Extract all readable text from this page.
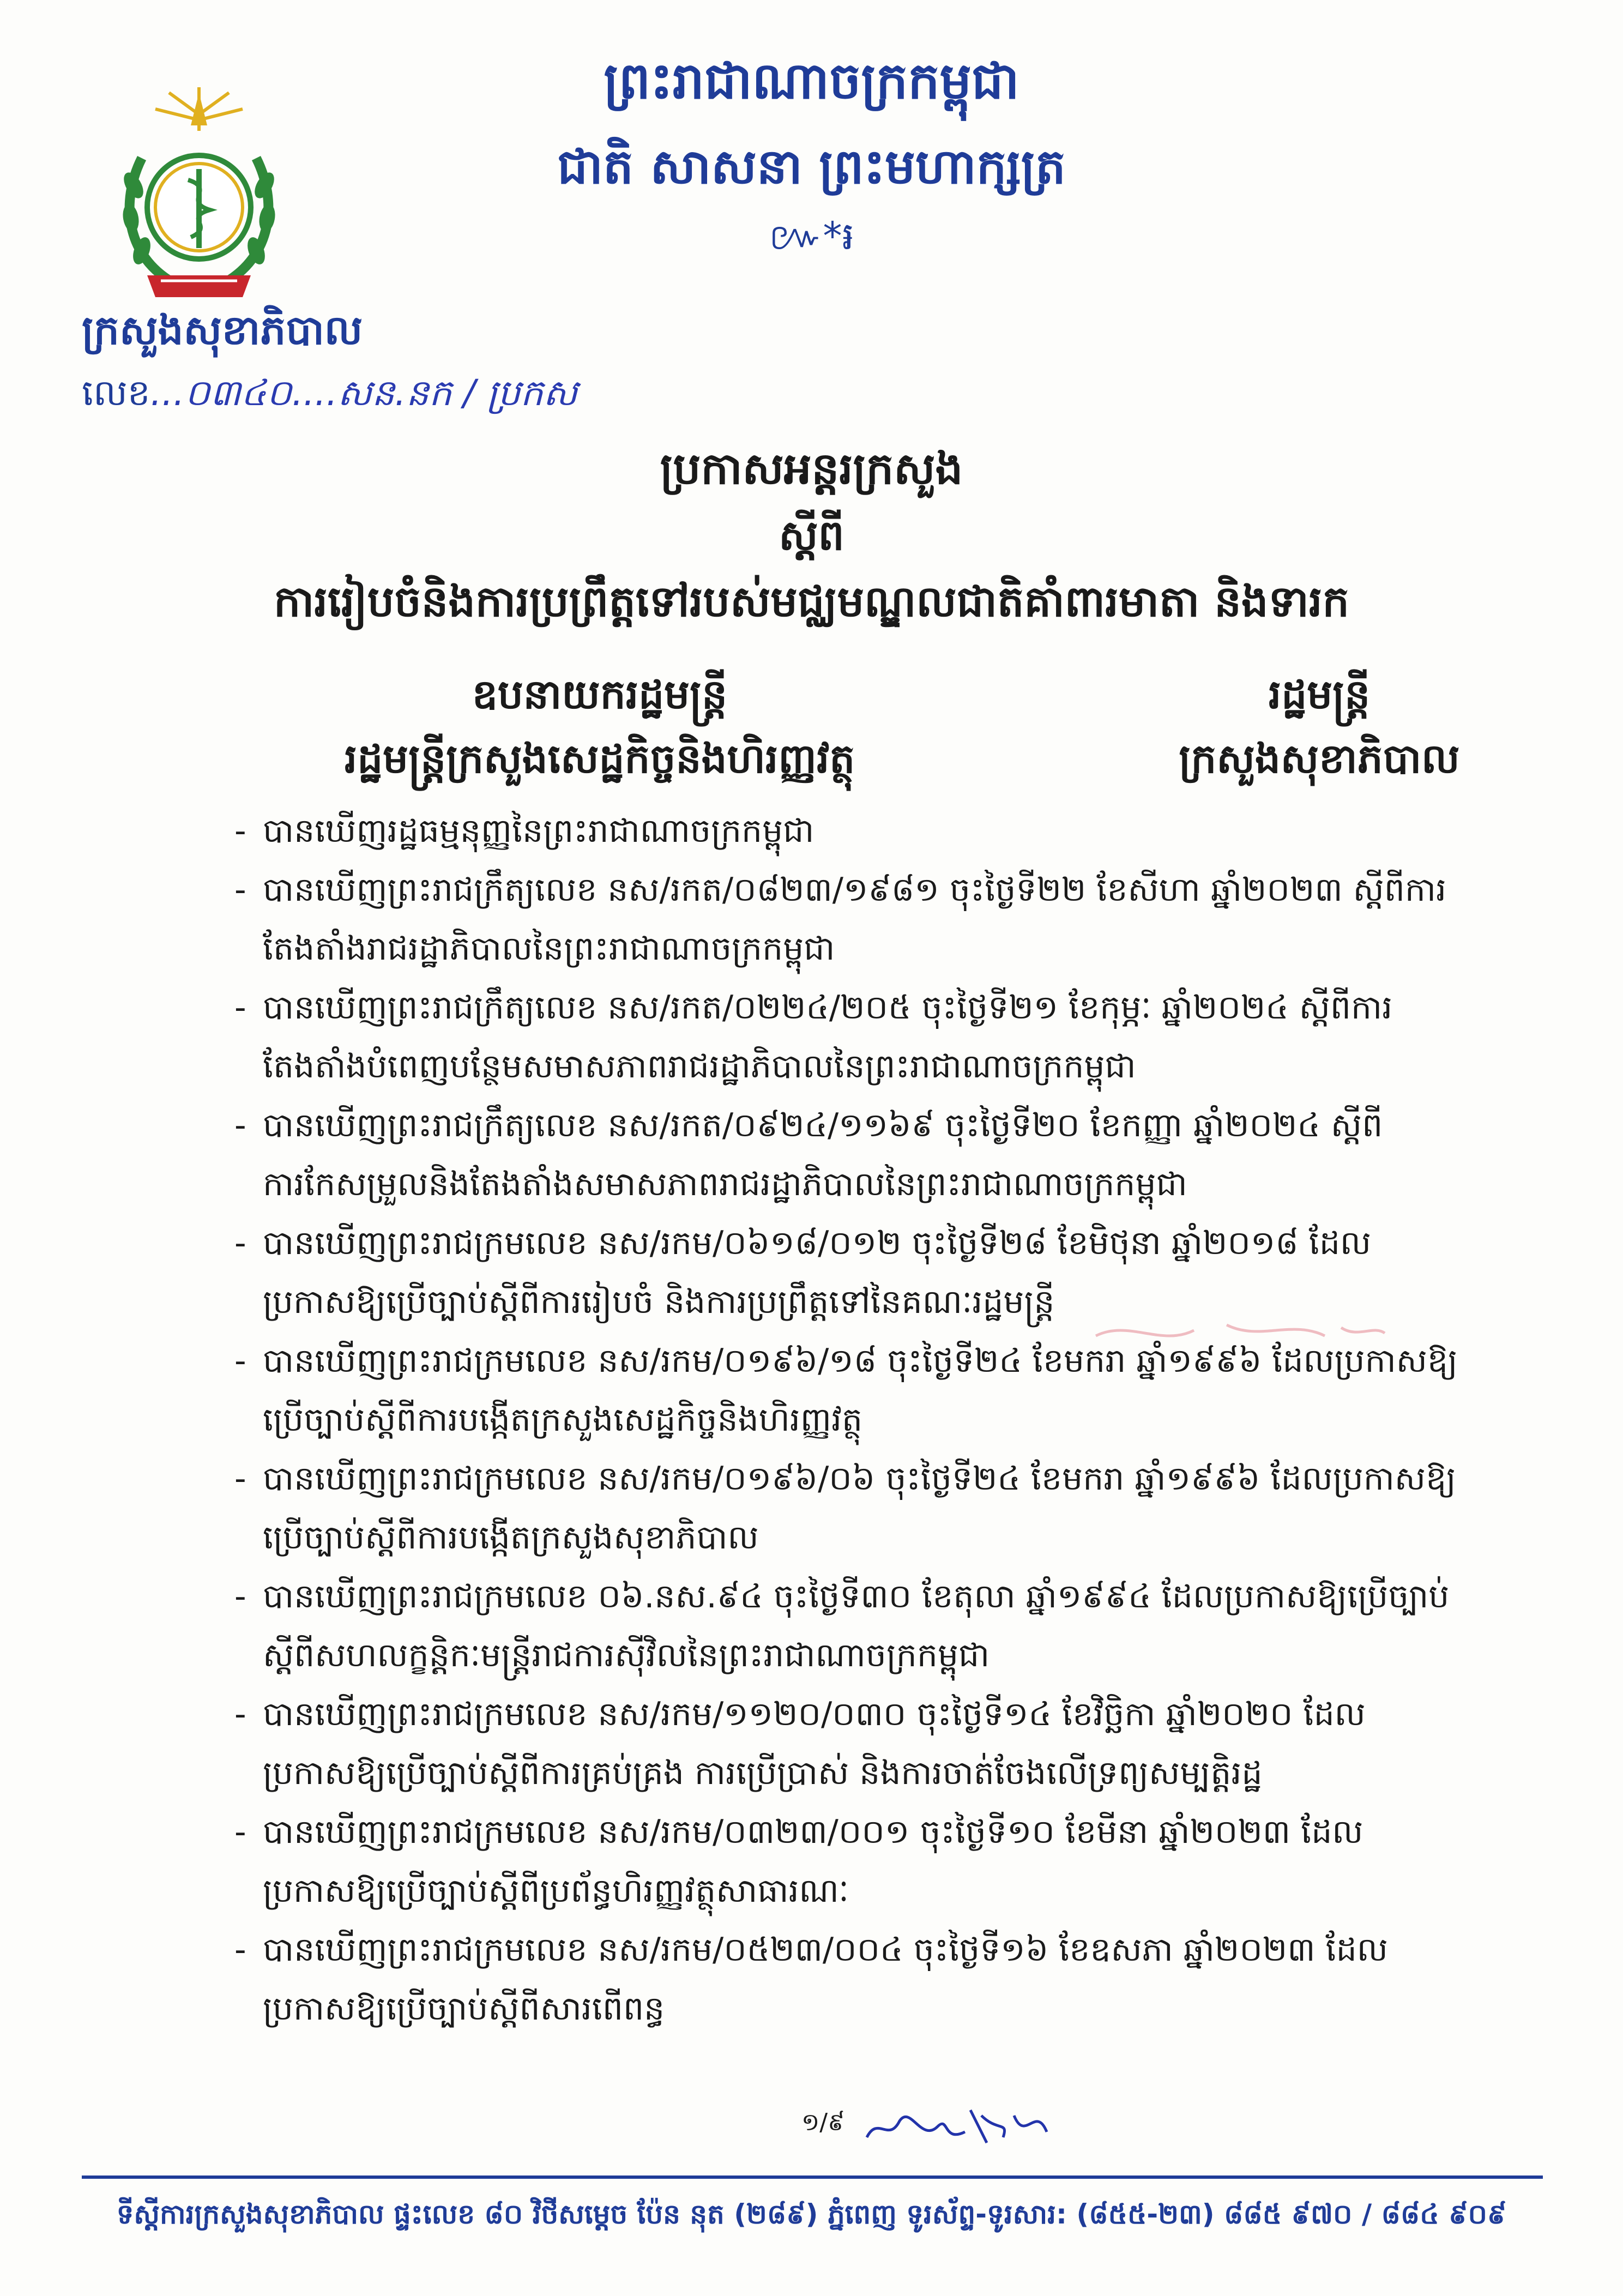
ព្រះរាជាណាចក្រកម្ពុជា
ជាតិ សាសនា ព្រះមហាក្សត្រ
៚*៛
ក្រសួងសុខាភិបាល
លេខ...០៣៤០....សន.នក / ប្រកស
ប្រកាសអន្តរក្រសួង
ស្តីពី
ការរៀបចំនិងការប្រព្រឹត្តទៅរបស់មជ្ឈមណ្ឌលជាតិគាំពារមាតា និងទារក
ឧបនាយករដ្ឋមន្ត្រី
រដ្ឋមន្ត្រីក្រសួងសេដ្ឋកិច្ចនិងហិរញ្ញវត្ថុ
រដ្ឋមន្ត្រី
ក្រសួងសុខាភិបាល
- បានឃើញរដ្ឋធម្មនុញ្ញនៃព្រះរាជាណាចក្រកម្ពុជា
- បានឃើញព្រះរាជក្រឹត្យលេខ នស/រកត/០៨២៣/១៩៨១ ចុះថ្ងៃទី២២ ខែសីហា ឆ្នាំ២០២៣ ស្តីពីការតែងតាំងរាជរដ្ឋាភិបាលនៃព្រះរាជាណាចក្រកម្ពុជា
- បានឃើញព្រះរាជក្រឹត្យលេខ នស/រកត/០២២៤/២០៥ ចុះថ្ងៃទី២១ ខែកុម្ភៈ ឆ្នាំ២០២៤ ស្តីពីការតែងតាំងបំពេញបន្ថែមសមាសភាពរាជរដ្ឋាភិបាលនៃព្រះរាជាណាចក្រកម្ពុជា
- បានឃើញព្រះរាជក្រឹត្យលេខ នស/រកត/០៩២៤/១១៦៩ ចុះថ្ងៃទី២០ ខែកញ្ញា ឆ្នាំ២០២៤ ស្តីពីការកែសម្រួលនិងតែងតាំងសមាសភាពរាជរដ្ឋាភិបាលនៃព្រះរាជាណាចក្រកម្ពុជា
- បានឃើញព្រះរាជក្រមលេខ នស/រកម/០៦១៨/០១២ ចុះថ្ងៃទី២៨ ខែមិថុនា ឆ្នាំ២០១៨ ដែលប្រកាសឱ្យប្រើច្បាប់ស្តីពីការរៀបចំ និងការប្រព្រឹត្តទៅនៃគណៈរដ្ឋមន្ត្រី
- បានឃើញព្រះរាជក្រមលេខ នស/រកម/០១៩៦/១៨ ចុះថ្ងៃទី២៤ ខែមករា ឆ្នាំ១៩៩៦ ដែលប្រកាសឱ្យប្រើច្បាប់ស្តីពីការបង្កើតក្រសួងសេដ្ឋកិច្ចនិងហិរញ្ញវត្ថុ
- បានឃើញព្រះរាជក្រមលេខ នស/រកម/០១៩៦/០៦ ចុះថ្ងៃទី២៤ ខែមករា ឆ្នាំ១៩៩៦ ដែលប្រកាសឱ្យប្រើច្បាប់ស្តីពីការបង្កើតក្រសួងសុខាភិបាល
- បានឃើញព្រះរាជក្រមលេខ ០៦.នស.៩៤ ចុះថ្ងៃទី៣០ ខែតុលា ឆ្នាំ១៩៩៤ ដែលប្រកាសឱ្យប្រើច្បាប់ស្តីពីសហលក្ខន្តិកៈមន្ត្រីរាជការស៊ីវិលនៃព្រះរាជាណាចក្រកម្ពុជា
- បានឃើញព្រះរាជក្រមលេខ នស/រកម/១១២០/០៣០ ចុះថ្ងៃទី១៤ ខែវិច្ឆិកា ឆ្នាំ២០២០ ដែលប្រកាសឱ្យប្រើច្បាប់ស្តីពីការគ្រប់គ្រង ការប្រើប្រាស់ និងការចាត់ចែងលើទ្រព្យសម្បត្តិរដ្ឋ
- បានឃើញព្រះរាជក្រមលេខ នស/រកម/០៣២៣/០០១ ចុះថ្ងៃទី១០ ខែមីនា ឆ្នាំ២០២៣ ដែលប្រកាសឱ្យប្រើច្បាប់ស្តីពីប្រព័ន្ធហិរញ្ញវត្ថុសាធារណៈ
- បានឃើញព្រះរាជក្រមលេខ នស/រកម/០៥២៣/០០៤ ចុះថ្ងៃទី១៦ ខែឧសភា ឆ្នាំ២០២៣ ដែលប្រកាសឱ្យប្រើច្បាប់ស្តីពីសារពើពន្ធ
១/៩
ទីស្តីការក្រសួងសុខាភិបាល ផ្ទះលេខ ៨០ វិថីសម្តេច ប៉ែន នុត (២៨៩) ភ្នំពេញ ទូរស័ព្ទ-ទូរសារ: (៨៥៥-២៣) ៨៨៥ ៩៧០ / ៨៨៤ ៩០៩
